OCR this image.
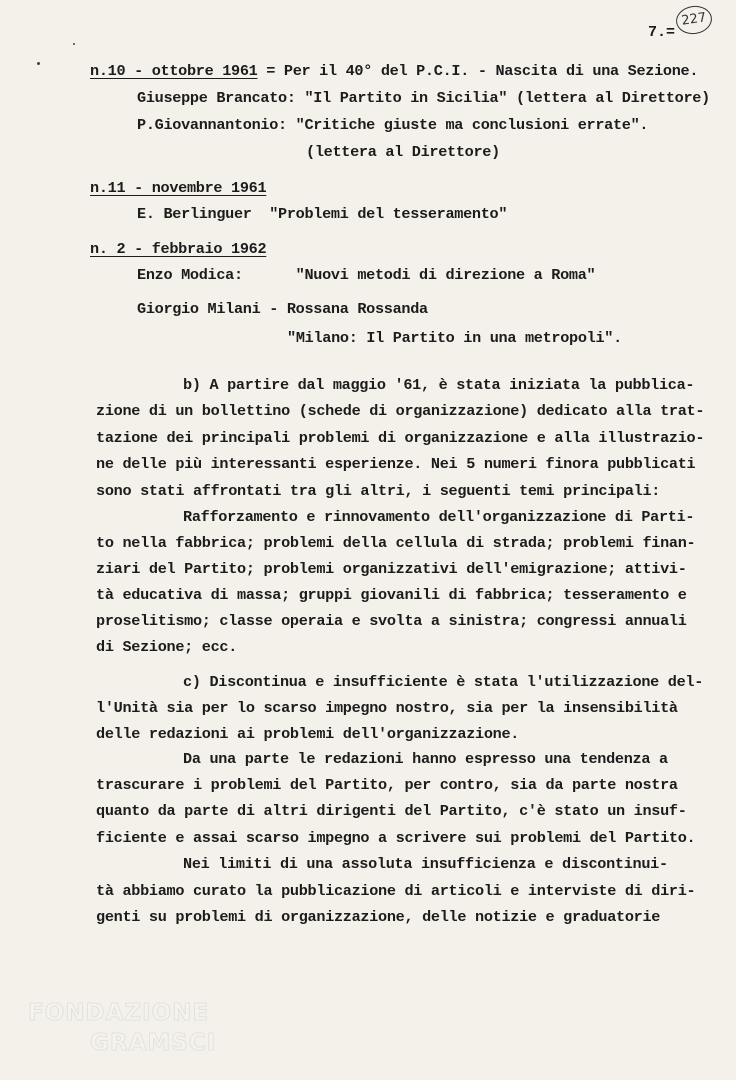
7.=
227
n.10 - ottobre 1961 = Per il 40° del P.C.I. - Nascita di una Sezione.
Giuseppe Brancato: "Il Partito in Sicilia" (lettera al Direttore)
P.Giovannantonio: "Critiche giuste ma conclusioni errate".
(lettera al Direttore)
n.11 - novembre 1961
E. Berlinguer  "Problemi del tesseramento"
n. 2 - febbraio 1962
Enzo Modica:      "Nuovi metodi di direzione a Roma"
Giorgio Milani - Rossana Rossanda
"Milano: Il Partito in una metropoli".
b) A partire dal maggio '61, è stata iniziata la pubblica-
zione di un bollettino (schede di organizzazione) dedicato alla trat-
tazione dei principali problemi di organizzazione e alla illustrazio-
ne delle più interessanti esperienze. Nei 5 numeri finora pubblicati
sono stati affrontati tra gli altri, i seguenti temi principali:
Rafforzamento e rinnovamento dell'organizzazione di Parti-
to nella fabbrica; problemi della cellula di strada; problemi finan-
ziari del Partito; problemi organizzativi dell'emigrazione; attivi-
tà educativa di massa; gruppi giovanili di fabbrica; tesseramento e
proselitismo; classe operaia e svolta a sinistra; congressi annuali
di Sezione; ecc.
c) Discontinua e insufficiente è stata l'utilizzazione del-
l'Unità sia per lo scarso impegno nostro, sia per la insensibilità
delle redazioni ai problemi dell'organizzazione.
Da una parte le redazioni hanno espresso una tendenza a
trascurare i problemi del Partito, per contro, sia da parte nostra
quanto da parte di altri dirigenti del Partito, c'è stato un insuf-
ficiente e assai scarso impegno a scrivere sui problemi del Partito.
Nei limiti di una assoluta insufficienza e discontinui-
tà abbiamo curato la pubblicazione di articoli e interviste di diri-
genti su problemi di organizzazione, delle notizie e graduatorie
FONDAZIONE
GRAMSCI
